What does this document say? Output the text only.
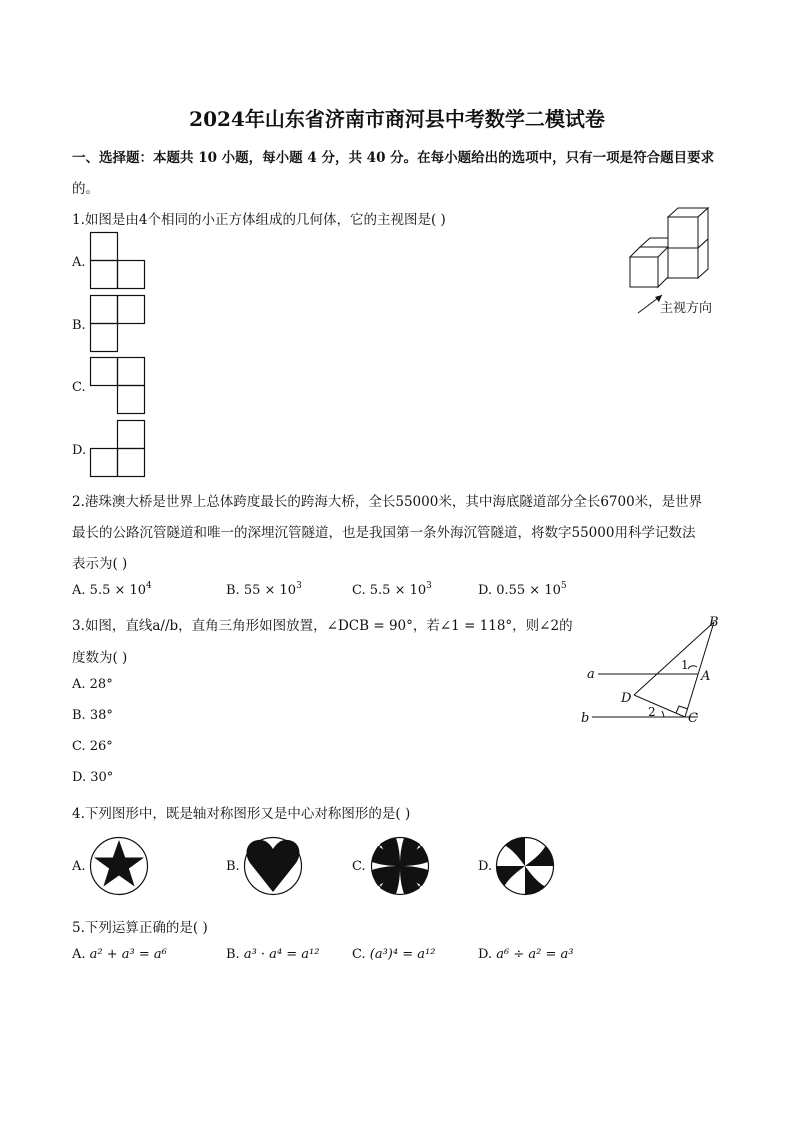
2024年山东省济南市商河县中考数学二模试卷
一、选择题：本题共 10 小题，每小题 4 分，共 40 分。在每小题给出的选项中，只有一项是符合题目要求
的。
1.如图是由4个相同的小正方体组成的几何体，它的主视图是( )
A.
B.
C.
D.
主视方向
2.港珠澳大桥是世界上总体跨度最长的跨海大桥，全长55000米，其中海底隧道部分全长6700米，是世界
最长的公路沉管隧道和唯一的深埋沉管隧道，也是我国第一条外海沉管隧道，将数字55000用科学记数法
表示为( )
A. $5.5 \times 10^4$	B. $55 \times 10^3$	C. $5.5 \times 10^3$	D. $0.55 \times 10^5$
3.如图，直线a//b，直角三角形如图放置，∠DCB = 90°，若∠1 = 118°，则∠2的
度数为( )
A. 28°
B. 38°
C. 26°
D. 30°
B
A
C
D
a
b
1
2
4.下列图形中，既是轴对称图形又是中心对称图形的是( )
A.	B.	C.	D.
5.下列运算正确的是( )
A. a² + a³ = a⁶	B. a³ · a⁴ = a¹²	C. (a³)⁴ = a¹²	D. a⁶ ÷ a² = a³
